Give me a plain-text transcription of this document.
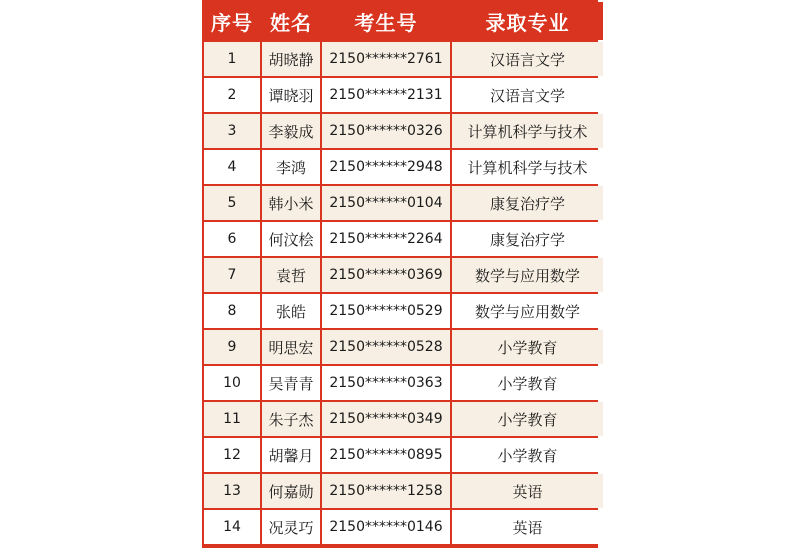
序号	姓名	考生号	录取专业
1	胡晓静	2150******2761	汉语言文学
2	谭晓羽	2150******2131	汉语言文学
3	李毅成	2150******0326	计算机科学与技术
4	李鸿	2150******2948	计算机科学与技术
5	韩小米	2150******0104	康复治疗学
6	何汶桧	2150******2264	康复治疗学
7	袁哲	2150******0369	数学与应用数学
8	张皓	2150******0529	数学与应用数学
9	明思宏	2150******0528	小学教育
10	吴青青	2150******0363	小学教育
11	朱子杰	2150******0349	小学教育
12	胡馨月	2150******0895	小学教育
13	何嘉勋	2150******1258	英语
14	况灵巧	2150******0146	英语
